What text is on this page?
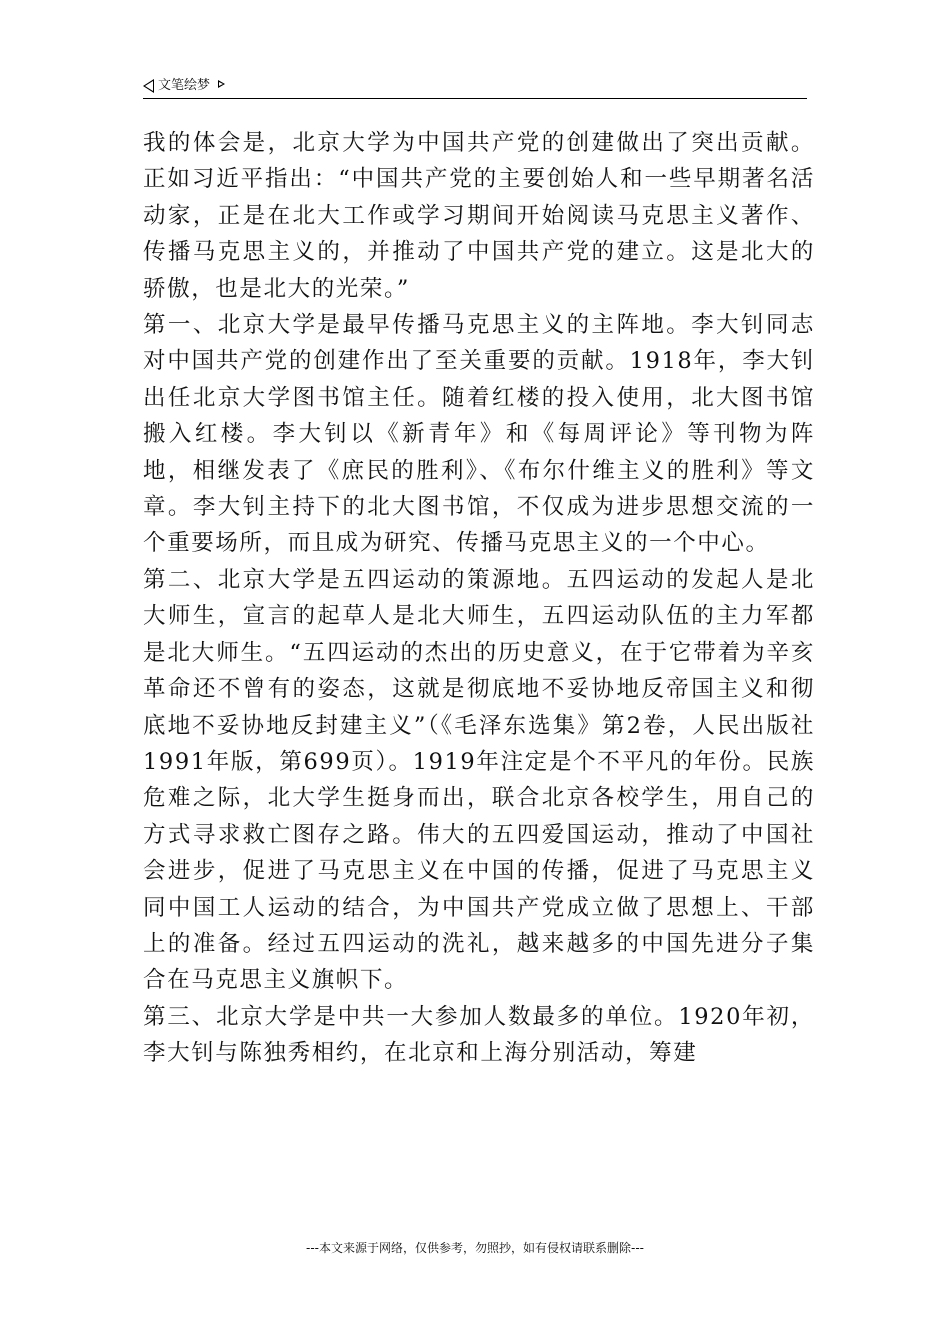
文笔绘梦

我的体会是，北京大学为中国共产党的创建做出了突出贡献。正如习近平指出：“中国共产党的主要创始人和一些早期著名活动家，正是在北大工作或学习期间开始阅读马克思主义著作、传播马克思主义的，并推动了中国共产党的建立。这是北大的骄傲，也是北大的光荣。”

第一、北京大学是最早传播马克思主义的主阵地。李大钊同志对中国共产党的创建作出了至关重要的贡献。1918年，李大钊出任北京大学图书馆主任。随着红楼的投入使用，北大图书馆搬入红楼。李大钊以《新青年》和《每周评论》等刊物为阵地，相继发表了《庶民的胜利》、《布尔什维主义的胜利》等文章。李大钊主持下的北大图书馆，不仅成为进步思想交流的一个重要场所，而且成为研究、传播马克思主义的一个中心。

第二、北京大学是五四运动的策源地。五四运动的发起人是北大师生，宣言的起草人是北大师生，五四运动队伍的主力军都是北大师生。“五四运动的杰出的历史意义，在于它带着为辛亥革命还不曾有的姿态，这就是彻底地不妥协地反帝国主义和彻底地不妥协地反封建主义”（《毛泽东选集》第2卷，人民出版社1991年版，第699页）。1919年注定是个不平凡的年份。民族危难之际，北大学生挺身而出，联合北京各校学生，用自己的方式寻求救亡图存之路。伟大的五四爱国运动，推动了中国社会进步，促进了马克思主义在中国的传播，促进了马克思主义同中国工人运动的结合，为中国共产党成立做了思想上、干部上的准备。经过五四运动的洗礼，越来越多的中国先进分子集合在马克思主义旗帜下。

第三、北京大学是中共一大参加人数最多的单位。1920年初，李大钊与陈独秀相约，在北京和上海分别活动，筹建

---本文来源于网络，仅供参考，勿照抄，如有侵权请联系删除---
